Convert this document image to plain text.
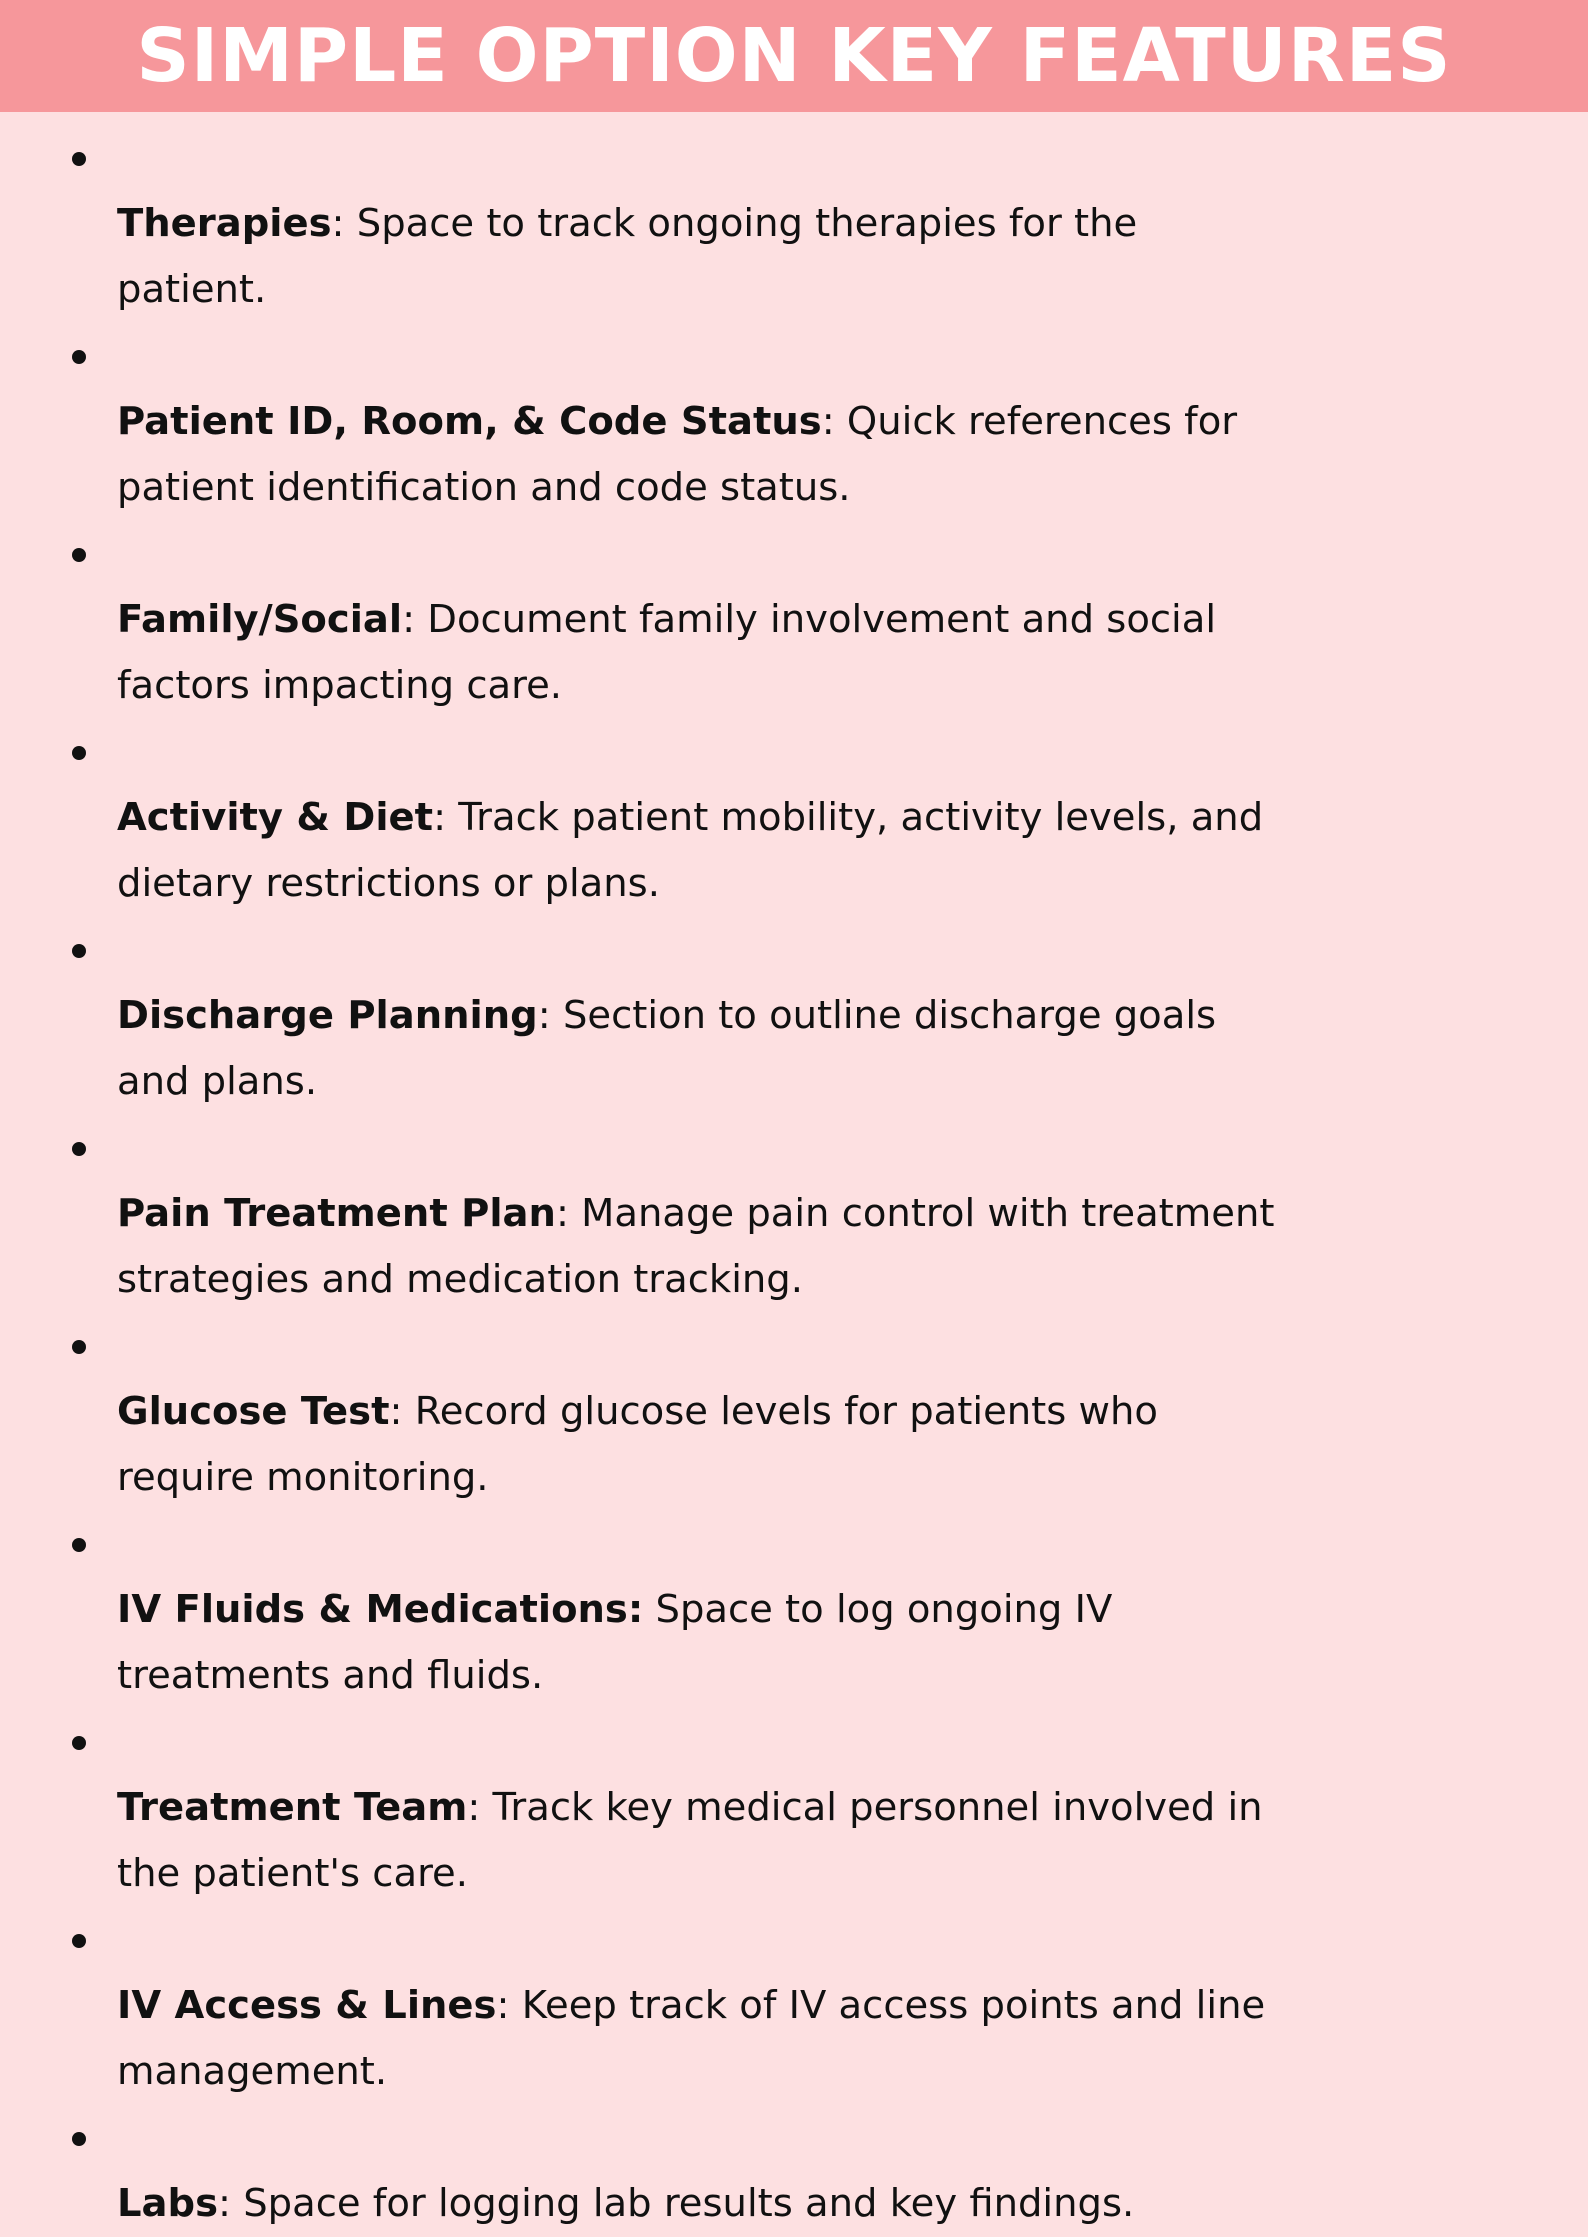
SIMPLE OPTION KEY FEATURES

Therapies: Space to track ongoing therapies for the
patient.

Patient ID, Room, & Code Status: Quick references for
patient identification and code status.

Family/Social: Document family involvement and social
factors impacting care.

Activity & Diet: Track patient mobility, activity levels, and
dietary restrictions or plans.

Discharge Planning: Section to outline discharge goals
and plans.

Pain Treatment Plan: Manage pain control with treatment
strategies and medication tracking.

Glucose Test: Record glucose levels for patients who
require monitoring.

IV Fluids & Medications: Space to log ongoing IV
treatments and fluids.

Treatment Team: Track key medical personnel involved in
the patient's care.

IV Access & Lines: Keep track of IV access points and line
management.

Labs: Space for logging lab results and key findings.
